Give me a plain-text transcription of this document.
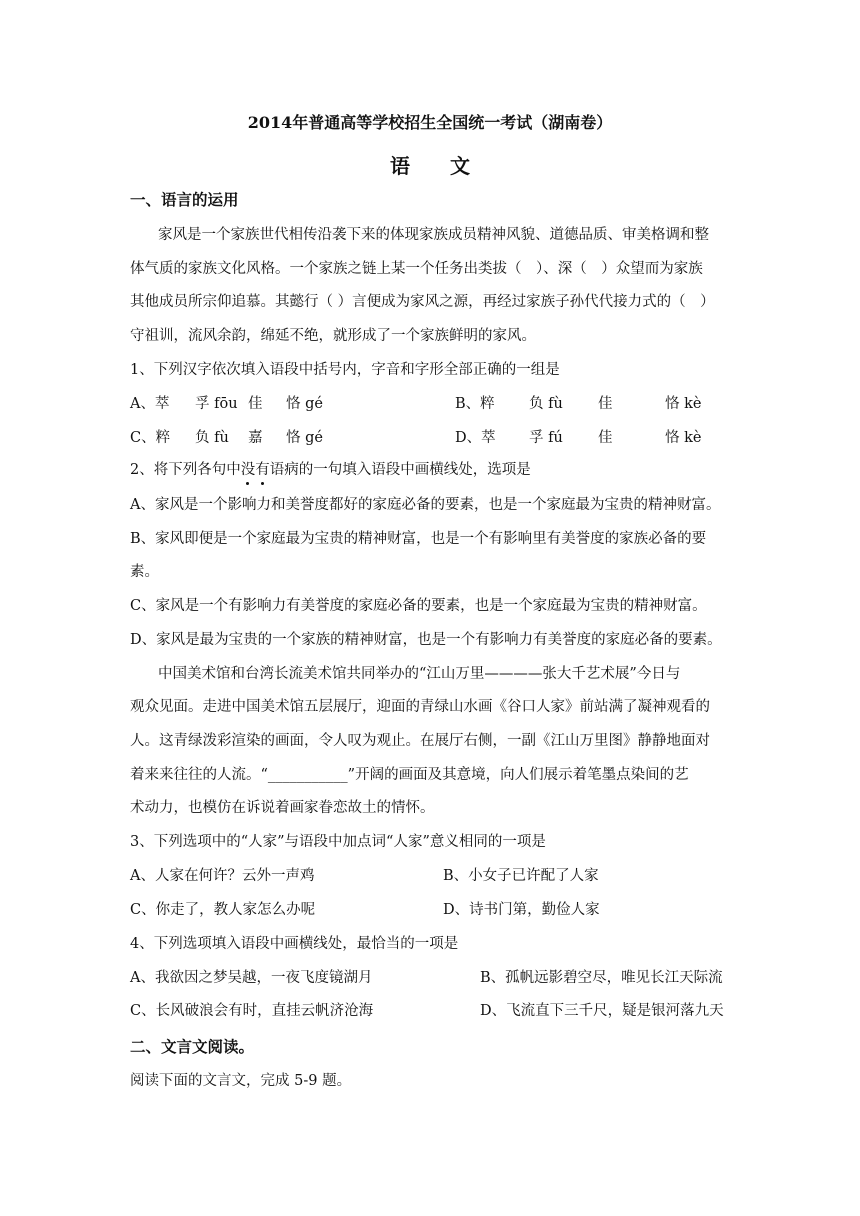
2014年普通高等学校招生全国统一考试（湖南卷）
语文
一、语言的运用
家风是一个家族世代相传沿袭下来的体现家族成员精神风貌、道德品质、审美格调和整
体气质的家族文化风格。一个家族之链上某一个任务出类拔（　）、深（　）众望而为家族
其他成员所宗仰追慕。其懿行（ ）言便成为家风之源，再经过家族子孙代代接力式的（　）
守祖训，流风余韵，绵延不绝，就形成了一个家族鲜明的家风。
1、下列汉字依次填入语段中括号内，字音和字形全部正确的一组是
A、萃 孚 fōu 佳 恪 gé	B、粹 负 fù 佳	恪 kè
C、粹 负 fù 嘉 恪 gé	D、萃 孚 fú 佳	恪 kè
2、将下列各句中没有语病的一句填入语段中画横线处，选项是
A、家风是一个影响力和美誉度都好的家庭必备的要素，也是一个家庭最为宝贵的精神财富。
B、家风即便是一个家庭最为宝贵的精神财富，也是一个有影响里有美誉度的家族必备的要
素。
C、家风是一个有影响力有美誉度的家庭必备的要素，也是一个家庭最为宝贵的精神财富。
D、家风是最为宝贵的一个家族的精神财富，也是一个有影响力有美誉度的家庭必备的要素。
中国美术馆和台湾长流美术馆共同举办的“江山万里————张大千艺术展”今日与
观众见面。走进中国美术馆五层展厅，迎面的青绿山水画《谷口人家》前站满了凝神观看的
人。这青绿泼彩渲染的画面，令人叹为观止。在展厅右侧，一副《江山万里图》静静地面对
着来来往往的人流。“___________”开阔的画面及其意境，向人们展示着笔墨点染间的艺
术动力，也模仿在诉说着画家眷恋故土的情怀。
3、下列选项中的“人家”与语段中加点词“人家”意义相同的一项是
A、人家在何许？云外一声鸡	B、小女子已许配了人家
C、你走了，教人家怎么办呢	D、诗书门第，勤俭人家
4、下列选项填入语段中画横线处，最恰当的一项是
A、我欲因之梦吴越，一夜飞度镜湖月	B、孤帆远影碧空尽，唯见长江天际流
C、长风破浪会有时，直挂云帆济沧海	D、飞流直下三千尺，疑是银河落九天
二、文言文阅读。
阅读下面的文言文，完成 5-9 题。
